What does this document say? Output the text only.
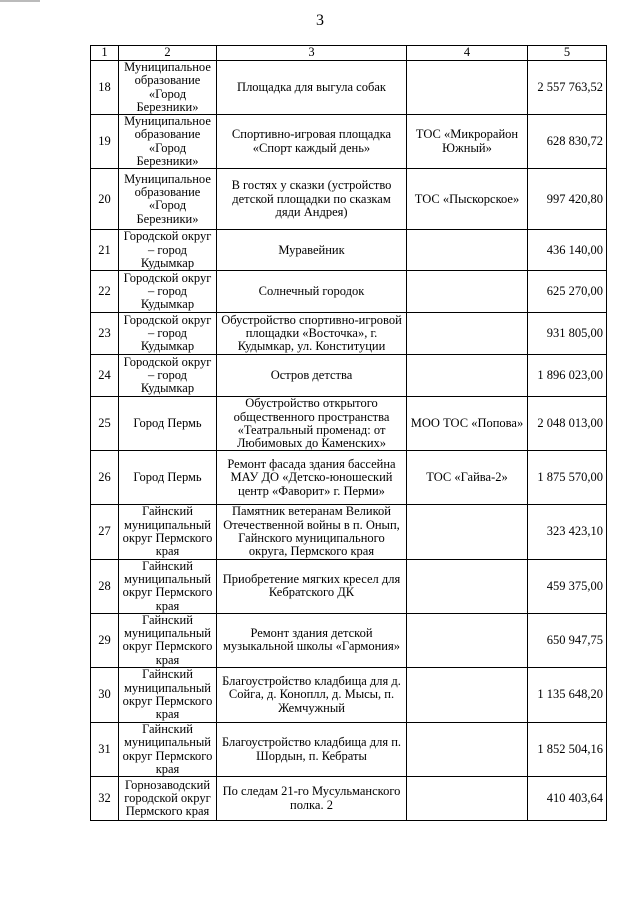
3
1	2	3	4	5
18	Муниципальное образование «Город Березники»	Площадка для выгула собак		2 557 763,52
19	Муниципальное образование «Город Березники»	Спортивно-игровая площадка «Спорт каждый день»	ТОС «Микрорайон Южный»	628 830,72
20	Муниципальное образование «Город Березники»	В гостях у сказки (устройство детской площадки по сказкам дяди Андрея)	ТОС «Пыскорское»	997 420,80
21	Городской округ – город Кудымкар	Муравейник		436 140,00
22	Городской округ – город Кудымкар	Солнечный городок		625 270,00
23	Городской округ – город Кудымкар	Обустройство спортивно-игровой площадки «Восточка», г. Кудымкар, ул. Конституции		931 805,00
24	Городской округ – город Кудымкар	Остров детства		1 896 023,00
25	Город Пермь	Обустройство открытого общественного пространства «Театральный променад: от Любимовых до Каменских»	МОО ТОС «Попова»	2 048 013,00
26	Город Пермь	Ремонт фасада здания бассейна МАУ ДО «Детско-юношеский центр «Фаворит» г. Перми»	ТОС «Гайва-2»	1 875 570,00
27	Гайнский муниципальный округ Пермского края	Памятник ветеранам Великой Отечественной войны в п. Онып, Гайнского муниципального округа, Пермского края		323 423,10
28	Гайнский муниципальный округ Пермского края	Приобретение мягких кресел для Кебратского ДК		459 375,00
29	Гайнский муниципальный округ Пермского края	Ремонт здания детской музыкальной школы «Гармония»		650 947,75
30	Гайнский муниципальный округ Пермского края	Благоустройство кладбища для д. Сойга, д. Коноплл, д. Мысы, п. Жемчужный		1 135 648,20
31	Гайнский муниципальный округ Пермского края	Благоустройство кладбища для п. Шордын, п. Кебраты		1 852 504,16
32	Горнозаводский городской округ Пермского края	По следам 21-го Мусульманского полка. 2		410 403,64
